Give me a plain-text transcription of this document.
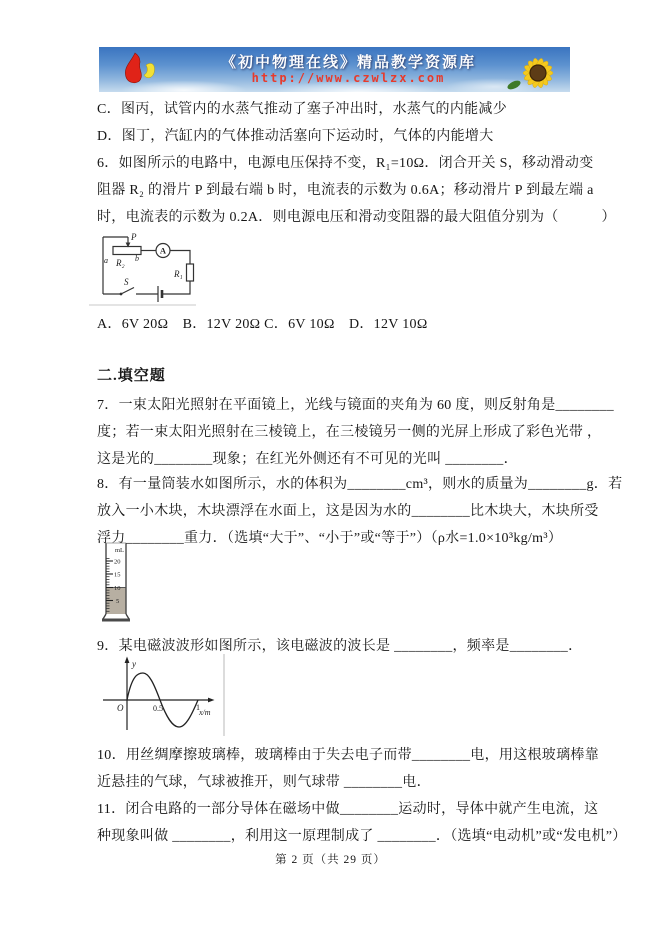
《初中物理在线》精品教学资源库
http://www.czwlzx.com
C．图丙，试管内的水蒸气推动了塞子冲出时，水蒸气的内能减少
D．图丁，汽缸内的气体推动活塞向下运动时，气体的内能增大
6．如图所示的电路中，电源电压保持不变，R₁=10Ω．闭合开关 S，移动滑动变
阻器 R₂ 的滑片 P 到最右端 b 时，电流表的示数为 0.6A；移动滑片 P 到最左端 a
时，电流表的示数为 0.2A．则电源电压和滑动变阻器的最大阻值分别为（　　　）
P
a R₂ b
A
R₁
S
A．6V 20Ω　B．12V 20Ω C．6V 10Ω　D．12V 10Ω
二.填空题
7．一束太阳光照射在平面镜上，光线与镜面的夹角为 60 度，则反射角是________
度；若一束太阳光照射在三棱镜上，在三棱镜另一侧的光屏上形成了彩色光带 ，
这是光的________现象；在红光外侧还有不可见的光叫 ________．
8．有一量筒装水如图所示，水的体积为________cm³，则水的质量为________g．若
放入一小木块，木块漂浮在水面上，这是因为水的________比木块大，木块所受
浮力________重力．（选填“大于”、“小于”或“等于”）（ρ水=1.0×10³kg/m³）
mL
20
15
10
5
9．某电磁波波形如图所示，该电磁波的波长是 ________，频率是________．
y
O	0.5	1
x/m
10．用丝绸摩擦玻璃棒，玻璃棒由于失去电子而带________电，用这根玻璃棒靠
近悬挂的气球，气球被推开，则气球带 ________电．
11．闭合电路的一部分导体在磁场中做________运动时，导体中就产生电流，这
种现象叫做 ________，利用这一原理制成了 ________．（选填“电动机”或“发电机”）
第 2 页（共 29 页）
